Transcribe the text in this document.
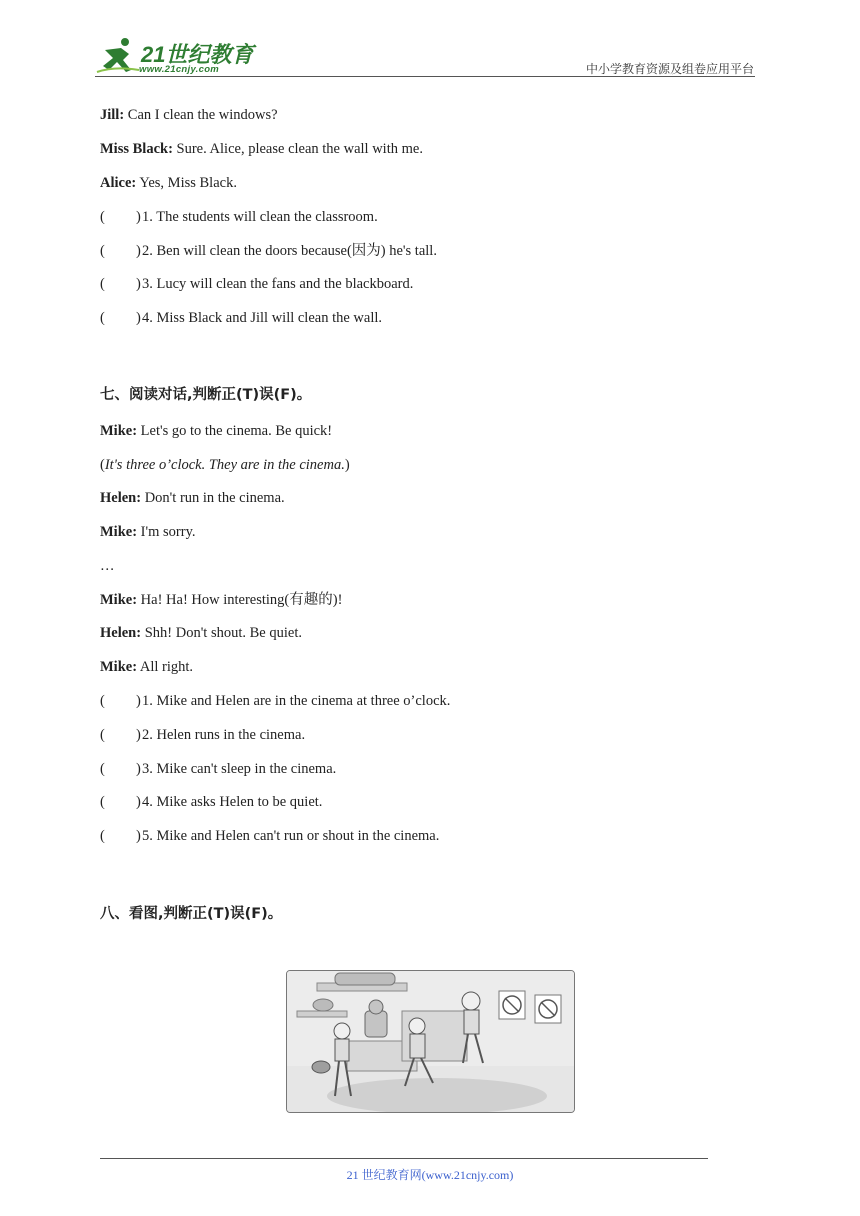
21世纪教育
www.21cnjy.com	中小学教育资源及组卷应用平台
Jill: Can I clean the windows?
Miss Black: Sure. Alice, please clean the wall with me.
Alice: Yes, Miss Black.
( ) 1. The students will clean the classroom.
( ) 2. Ben will clean the doors because(因为) he's tall.
( ) 3. Lucy will clean the fans and the blackboard.
( ) 4. Miss Black and Jill will clean the wall.
七、阅读对话,判断正(T)误(F)。
Mike: Let's go to the cinema. Be quick!
(It's three o’clock. They are in the cinema.)
Helen: Don't run in the cinema.
Mike: I'm sorry.
…
Mike: Ha! Ha! How interesting(有趣的)!
Helen: Shh! Don't shout. Be quiet.
Mike: All right.
( ) 1. Mike and Helen are in the cinema at three o’clock.
( ) 2. Helen runs in the cinema.
( ) 3. Mike can't sleep in the cinema.
( ) 4. Mike asks Helen to be quiet.
( ) 5. Mike and Helen can't run or shout in the cinema.
八、看图,判断正(T)误(F)。
21 世纪教育网(www.21cnjy.com)
